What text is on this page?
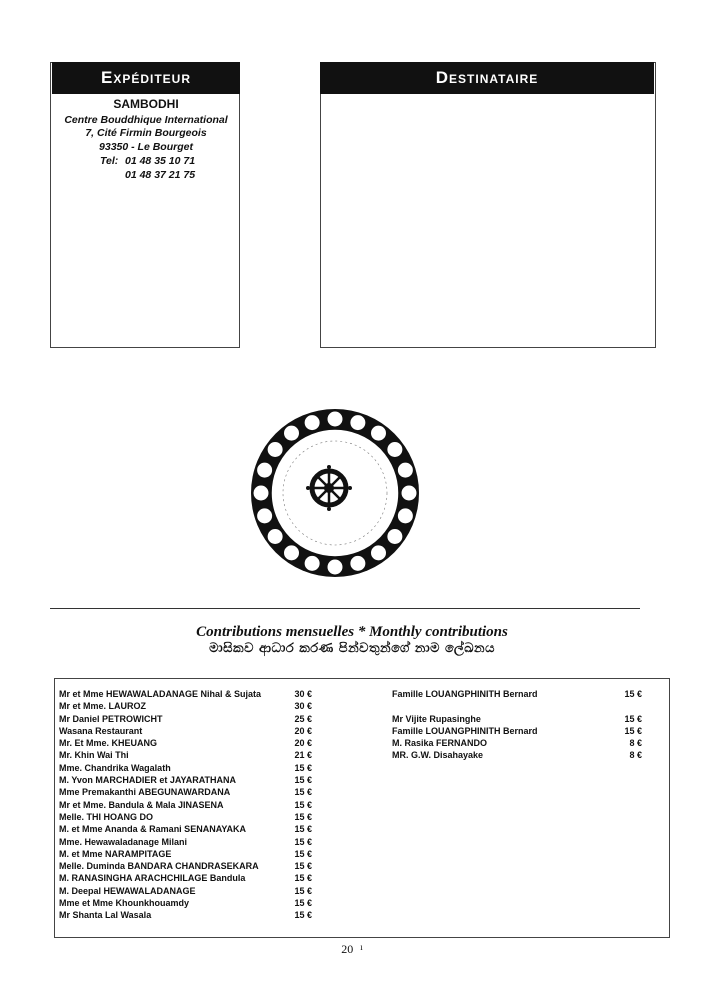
Expéditeur
SAMBODHI
Centre Bouddhique International
7, Cité Firmin Bourgeois
93350 - Le Bourget
Tel: 01 48 35 10 71
01 48 37 21 75
Destinataire
Contributions mensuelles * Monthly contributions
මාසිකව ආධාර කරණ පින්වතුන්ගේ නාම ලේඛනය
Mr et Mme HEWAWALADANAGE Nihal & Sujata
Mr et Mme. LAUROZ
Mr Daniel PETROWICHT
Wasana Restaurant
Mr. Et Mme. KHEUANG
Mr. Khin Wai Thi
Mme. Chandrika Wagalath
M. Yvon MARCHADIER et JAYARATHANA
Mme Premakanthi ABEGUNAWARDANA
Mr et Mme. Bandula & Mala JINASENA
Melle. THI HOANG DO
M. et Mme Ananda & Ramani SENANAYAKA
Mme. Hewawaladanage Milani
M. et Mme NARAMPITAGE
Melle. Duminda BANDARA CHANDRASEKARA
M. RANASINGHA ARACHCHILAGE Bandula
M. Deepal HEWAWALADANAGE
Mme et Mme Khounkhouamdy
Mr Shanta Lal Wasala
30 €
30 €
25 €
20 €
20 €
21 €
15 €
15 €
15 €
15 €
15 €
15 €
15 €
15 €
15 €
15 €
15 €
15 €
15 €
Famille LOUANGPHINITH Bernard
Mr Vijite Rupasinghe
Famille LOUANGPHINITH Bernard
M. Rasika FERNANDO
MR. G.W. Disahayake
15 €
15 €
15 €
8 €
8 €
20 $^ı$
